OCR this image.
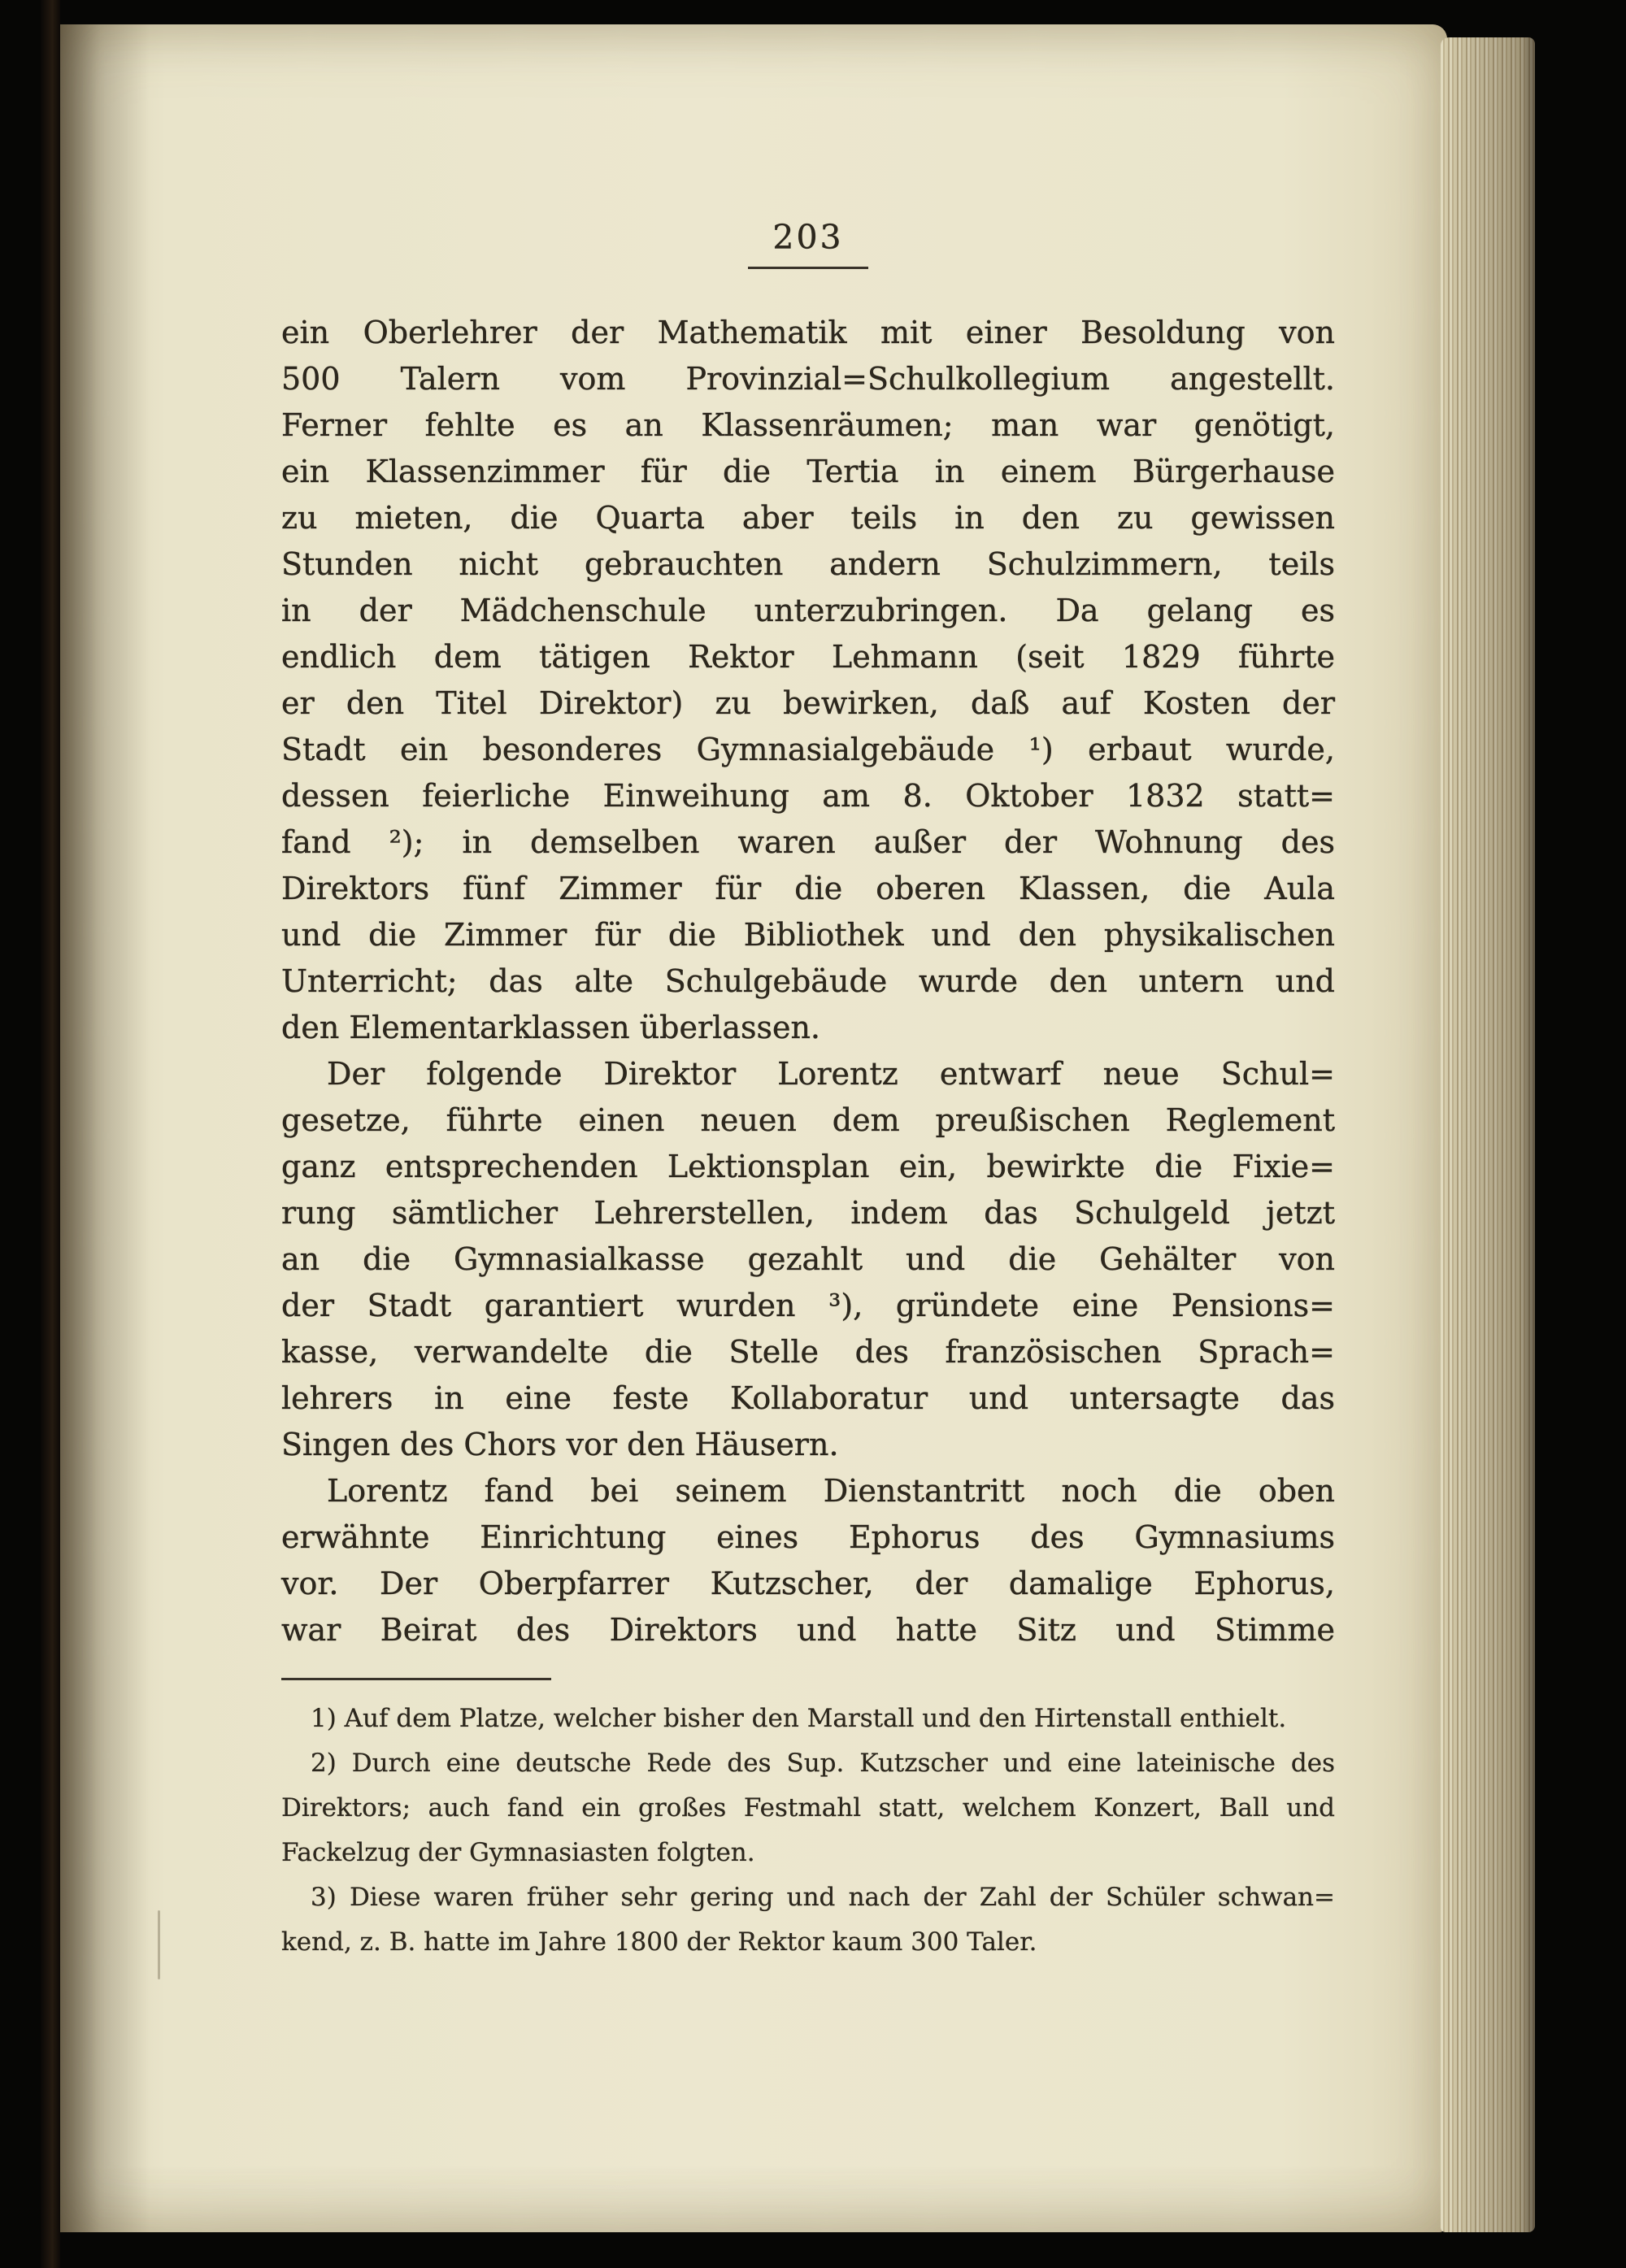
203
ein Oberlehrer der Mathematik mit einer Besoldung von
500 Talern vom Provinzial=Schulkollegium angestellt.
Ferner fehlte es an Klassenräumen; man war genötigt,
ein Klassenzimmer für die Tertia in einem Bürgerhause
zu mieten, die Quarta aber teils in den zu gewissen
Stunden nicht gebrauchten andern Schulzimmern, teils
in der Mädchenschule unterzubringen. Da gelang es
endlich dem tätigen Rektor Lehmann (seit 1829 führte
er den Titel Direktor) zu bewirken, daß auf Kosten der
Stadt ein besonderes Gymnasialgebäude ¹) erbaut wurde,
dessen feierliche Einweihung am 8. Oktober 1832 statt=
fand ²); in demselben waren außer der Wohnung des
Direktors fünf Zimmer für die oberen Klassen, die Aula
und die Zimmer für die Bibliothek und den physikalischen
Unterricht; das alte Schulgebäude wurde den untern und
den Elementarklassen überlassen.
Der folgende Direktor Lorentz entwarf neue Schul=
gesetze, führte einen neuen dem preußischen Reglement
ganz entsprechenden Lektionsplan ein, bewirkte die Fixie=
rung sämtlicher Lehrerstellen, indem das Schulgeld jetzt
an die Gymnasialkasse gezahlt und die Gehälter von
der Stadt garantiert wurden ³), gründete eine Pensions=
kasse, verwandelte die Stelle des französischen Sprach=
lehrers in eine feste Kollaboratur und untersagte das
Singen des Chors vor den Häusern.
Lorentz fand bei seinem Dienstantritt noch die oben
erwähnte Einrichtung eines Ephorus des Gymnasiums
vor. Der Oberpfarrer Kutzscher, der damalige Ephorus,
war Beirat des Direktors und hatte Sitz und Stimme
1) Auf dem Platze, welcher bisher den Marstall und den Hirtenstall enthielt.
2) Durch eine deutsche Rede des Sup. Kutzscher und eine lateinische des
Direktors; auch fand ein großes Festmahl statt, welchem Konzert, Ball und
Fackelzug der Gymnasiasten folgten.
3) Diese waren früher sehr gering und nach der Zahl der Schüler schwan=
kend, z. B. hatte im Jahre 1800 der Rektor kaum 300 Taler.
